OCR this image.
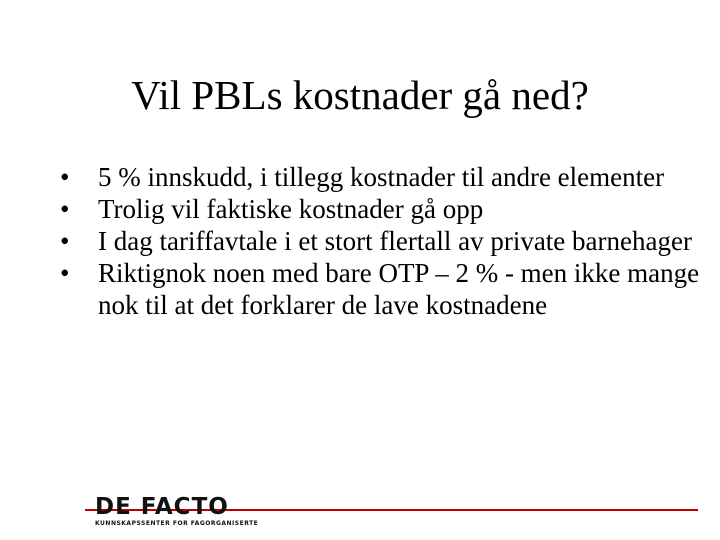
Vil PBLs kostnader gå ned?
• 5 % innskudd, i tillegg kostnader til andre elementer
• Trolig vil faktiske kostnader gå opp
• I dag tariffavtale i et stort flertall av private barnehager
• Riktignok noen med bare OTP – 2 % - men ikke mange nok til at det forklarer de lave kostnadene
DE FACTO
KUNNSKAPSSENTER FOR FAGORGANISERTE
